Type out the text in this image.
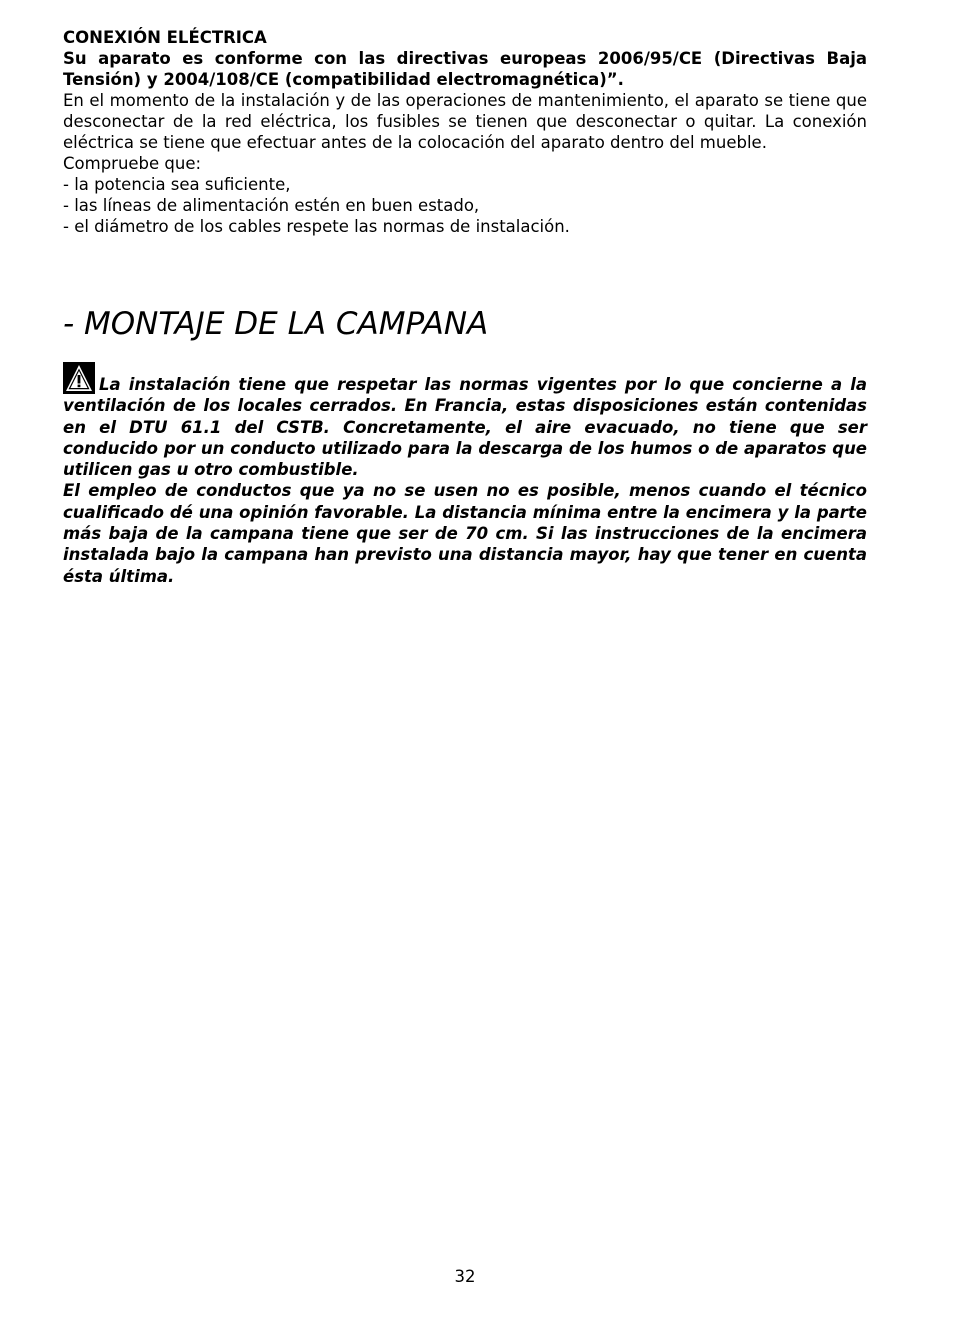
CONEXIÓN ELÉCTRICA

Su aparato es conforme con las directivas europeas 2006/95/CE (Directivas Baja Tensión) y 2004/108/CE (compatibilidad electromagnética)”.

En el momento de la instalación y de las operaciones de mantenimiento, el aparato se tiene que desconectar de la red eléctrica, los fusibles se tienen que desconectar o quitar. La conexión eléctrica se tiene que efectuar antes de la colocación del aparato dentro del mueble.

Compruebe que:

- la potencia sea suficiente,
- las líneas de alimentación estén en buen estado,
- el diámetro de los cables respete las normas de instalación.
- MONTAJE DE LA CAMPANA

La instalación tiene que respetar las normas vigentes por lo que concierne a la ventilación de los locales cerrados. En Francia, estas disposiciones están contenidas en el DTU 61.1 del CSTB. Concretamente, el aire evacuado, no tiene que ser conducido por un conducto utilizado para la descarga de los humos o de aparatos que utilicen gas u otro combustible.

El empleo de conductos que ya no se usen no es posible, menos cuando el técnico cualificado dé una opinión favorable. La distancia mínima entre la encimera y la parte más baja de la campana tiene que ser de 70 cm. Si las instrucciones de la encimera instalada bajo la campana han previsto una distancia mayor, hay que tener en cuenta ésta última.

32
